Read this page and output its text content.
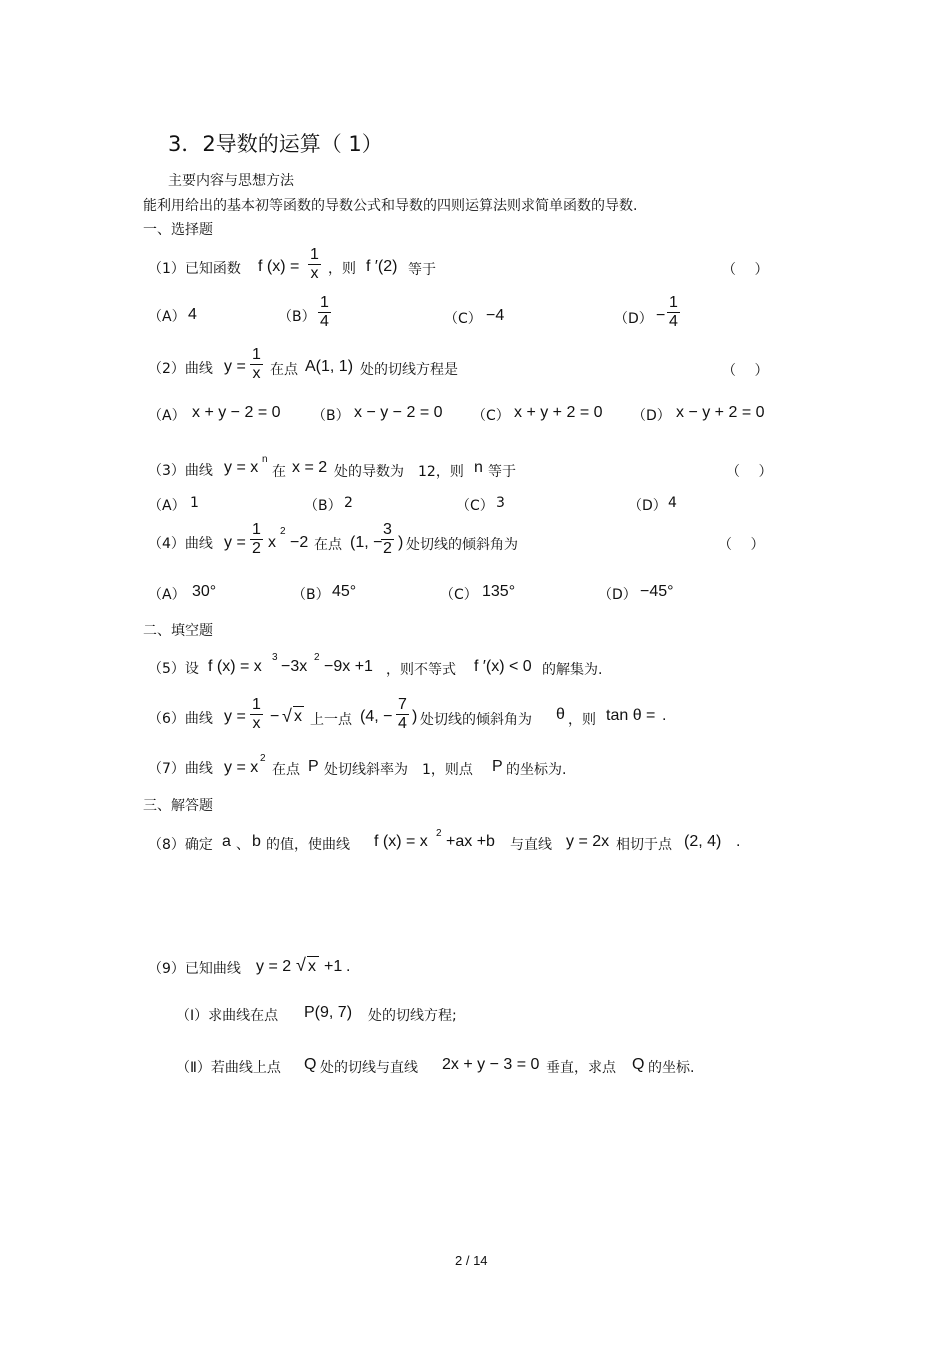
3．2导数的运算（ 1）
主要内容与思想方法
能利用给出的基本初等函数的导数公式和导数的四则运算法则求简单函数的导数.
一、选择题
（1）已知函数 f $(x) = \frac{1}{x}$ ，则 f ′(2) 等于	（　 ）
（A） 4	$(B) \frac{1}{4}$	（C） −4	$(D) - \frac{1}{4}$
（2）曲线 $y = \frac{1}{x}$ 在点 A(1, 1) 处的切线方程是	（　 ）
（A） x + y − 2 = 0 （B） x − y − 2 = 0 （C） x + y + 2 = 0 （D） x − y + 2 = 0
（3）曲线 y = x n
在 x = 2 处的导数为　12，则 n 等于	（　 ）
（A） 1	（B） 2	（C） 3	（D） 4
（4）曲线 $y = \frac{1}{2}$ x
2
−2 在点 (1, −
$\frac{3}{2}$ ) 处切线的倾斜角为	（　 ）
（A） 30°	（B） 45°	（C） 135°	（D） −45°
二、填空题
（5）设 f (x) = x
3
−3x
2
−9x +1 ，则不等式 f ′(x) < 0 的解集为.
（6）曲线 $y = \frac{1}{x}$ − √ x 上一点 (4, − $\frac{7}{4}$ ) 处切线的倾斜角为 θ ，则 tan θ = .
（7）曲线 y = x
2
在点 P 处切线斜率为　1，则点 P 的坐标为.
三、解答题
（8）确定 a 、 b 的值，使曲线 f (x) = x 2 +ax +b 与直线 y = 2x 相切于点 (2, 4) .
（9）已知曲线 y = 2 √ x +1 .
（Ⅰ）求曲线在点 P(9, 7) 处的切线方程;
（Ⅱ）若曲线上点 Q 处的切线与直线 2x + y − 3 = 0 垂直，求点 Q 的坐标.
2 / 14
